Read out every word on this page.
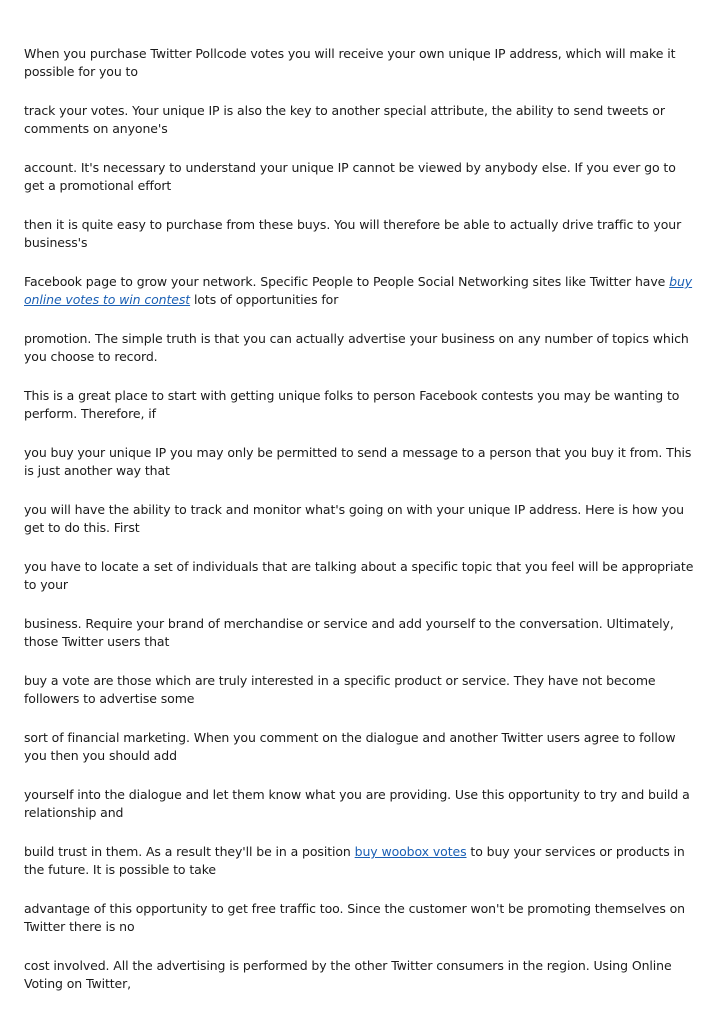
When you purchase Twitter Pollcode votes you will receive your own unique IP address, which will make it possible for you to

track your votes. Your unique IP is also the key to another special attribute, the ability to send tweets or comments on anyone's

account. It's necessary to understand your unique IP cannot be viewed by anybody else. If you ever go to get a promotional effort

then it is quite easy to purchase from these buys. You will therefore be able to actually drive traffic to your business's

Facebook page to grow your network. Specific People to People Social Networking sites like Twitter have buy online votes to win contest lots of opportunities for

promotion. The simple truth is that you can actually advertise your business on any number of topics which you choose to record.

This is a great place to start with getting unique folks to person Facebook contests you may be wanting to perform. Therefore, if

you buy your unique IP you may only be permitted to send a message to a person that you buy it from. This is just another way that

you will have the ability to track and monitor what's going on with your unique IP address. Here is how you get to do this. First

you have to locate a set of individuals that are talking about a specific topic that you feel will be appropriate to your

business. Require your brand of merchandise or service and add yourself to the conversation. Ultimately, those Twitter users that

buy a vote are those which are truly interested in a specific product or service. They have not become followers to advertise some

sort of financial marketing. When you comment on the dialogue and another Twitter users agree to follow you then you should add

yourself into the dialogue and let them know what you are providing. Use this opportunity to try and build a relationship and

build trust in them. As a result they'll be in a position buy woobox votes to buy your services or products in the future. It is possible to take

advantage of this opportunity to get free traffic too. Since the customer won't be promoting themselves on Twitter there is no

cost involved. All the advertising is performed by the other Twitter consumers in the region. Using Online Voting on Twitter,
